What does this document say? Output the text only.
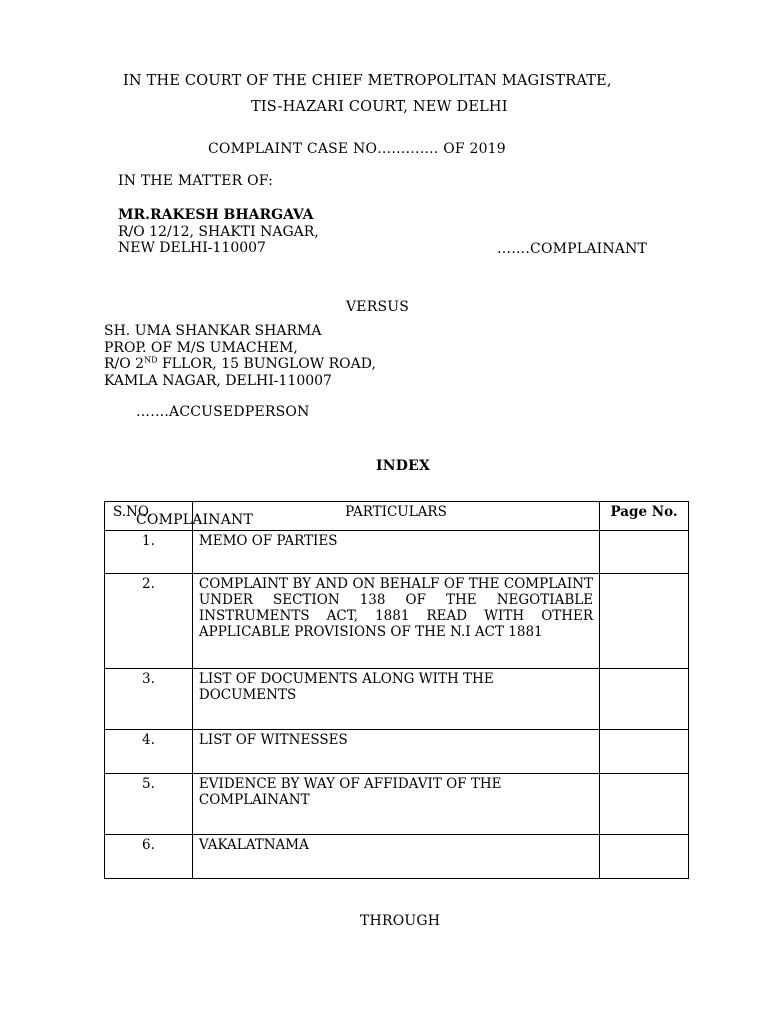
IN THE COURT OF THE CHIEF METROPOLITAN MAGISTRATE,
TIS-HAZARI COURT, NEW DELHI
COMPLAINT CASE NO…………. OF 2019
IN THE MATTER OF:
MR.RAKESH BHARGAVA
R/O 12/12, SHAKTI NAGAR,
NEW DELHI-110007	…….COMPLAINANT
VERSUS
SH. UMA SHANKAR SHARMA
PROP. OF M/S UMACHEM,
R/O 2ND FLLOR, 15 BUNGLOW ROAD,
KAMLA NAGAR, DELHI-110007
…….ACCUSEDPERSON
INDEX
S.NO.	PARTICULARS	Page No.
1.	MEMO OF PARTIES	
2.	COMPLAINT BY AND ON BEHALF OF THE COMPLAINT UNDER SECTION 138 OF THE NEGOTIABLE INSTRUMENTS ACT, 1881 READ WITH OTHER APPLICABLE PROVISIONS OF THE N.I ACT 1881	
3.	LIST OF DOCUMENTS ALONG WITH THE DOCUMENTS	
4.	LIST OF WITNESSES	
5.	EVIDENCE BY WAY OF AFFIDAVIT OF THE COMPLAINANT	
6.	VAKALATNAMA	
COMPLAINANT
THROUGH
